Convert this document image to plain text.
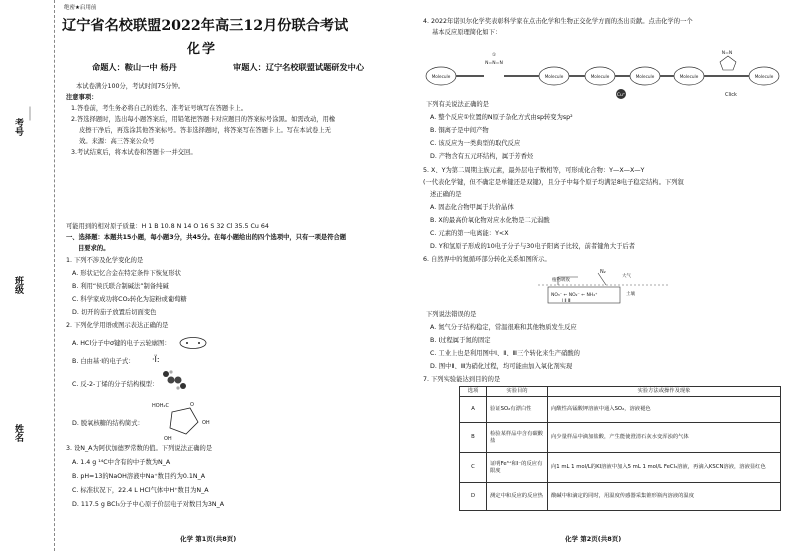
考号
班级
姓名
绝密★启用前
辽宁省名校联盟2022年高三12月份联合考试
化学
命题人：鞍山一中 杨丹	审题人：辽宁名校联盟试题研发中心
本试卷满分100分，考试时间75分钟。
注意事项：
1.答卷前，考生务必将自己的姓名、准考证号填写在答题卡上。
2.答选择题时，选出每小题答案后，用铅笔把答题卡对应题目的答案标号涂黑。如需改动，用橡
皮擦干净后，再选涂其他答案标号。答非选择题时，将答案写在答题卡上。写在本试卷上无
效。来源：高三答案公众号
3.考试结束后，将本试卷和答题卡一并交回。
可能用到的相对原子质量：H 1 B 10.8 N 14 O 16 S 32 Cl 35.5 Cu 64
一、选择题：本题共15小题，每小题3分，共45分。在每小题给出的四个选项中，只有一项是符合题
目要求的。
1. 下列不涉及化学变化的是
A. 形状记忆合金在特定条件下恢复形状
B. 利用“侯氏联合制碱法”制备纯碱
C. 科学家成功将CO₂转化为淀粉或葡萄糖
D. 切开的茄子放置后切面变色
2. 下列化学用语或图示表达正确的是
A. HCl分子中σ键的电子云轮廓图：
B. 白由基·I的电子式： ·Ï:
C. 反-2-丁烯的分子结构模型：
D. 脱氧核糖的结构简式：
HOH₂C	O
OH
OH
3. 设N_A为阿伏加德罗常数的值。下列说法正确的是
A. 1.4 g ¹⁴C中含有的中子数为N_A
B. pH=13的NaOH溶液中Na⁺数目约为0.1N_A
C. 标准状况下，22.4 L HCl气体中H⁺数目为N_A
D. 117.5 g BCl₃分子中心原子价层电子对数目为3N_A
化学 第1页(共8页)
4. 2022年诺贝尔化学奖表彰科学家在点击化学和生物正交化学方面的杰出贡献。点击化学的一个
基本反应原理简化如下：
①
N=N=N
N=N
Cu⁺
Molecule	Molecule	Molecule	Molecule	Molecule	Molecule
Click
下列有关说法正确的是
A. 整个反应①位置的N原子杂化方式由sp转变为sp²
B. 铜离子是中间产物
C. 该反应为一类典型的取代反应
D. 产物含有五元环结构，属于芳香烃
5. X、Y为第二周期主族元素，最外层电子数相等，可形成化合物：Y—X—X—Y
(一代表化学键，但不确定是单键还是双键)，且分子中每个原子均满足8电子稳定结构。下列叙
述正确的是
A. 固态化合物甲属于共价晶体
B. X的最高价氧化物对应水化物是二元弱酸
C. 元素的第一电离能：Y<X
D. Y和氢原子形成的10电子分子与30电子阳离子比较，前者键角大于后者
6. 自然界中的氮循环部分转化关系如图所示。
N₂
大气
植物吸收
NO₃⁻ ← NO₂⁻ ← NH₄⁺
Ⅰ Ⅱ Ⅲ
土壤
下列说法错误的是
A. 氮气分子结构稳定，常温很难和其他物质发生反应
B. Ⅰ过程属于氮的固定
C. 工业上也是利用图中Ⅰ、Ⅱ、Ⅲ三个转化来生产硝酸的
D. 图中Ⅱ、Ⅲ为硝化过程，均可能由加入氧化剂实现
7. 下列实验能达到目的的是
选项	实验目的	实验方法或操作及现象
A	验证SO₂有漂白性	向酸性高锰酸钾溶液中通入SO₂，溶液褪色
B	检验某样品中含有碳酸盐	向少量样品中滴加盐酸，产生能使澄清石灰水变浑浊的气体
C	证明Fe³⁺和I⁻的反应有限度	向1 mL 1 mol/L的KI溶液中加入5 mL 1 mol/L FeCl₃溶液，再滴入KSCN溶液，溶液显红色
D	测定中和反应的反应热	酸碱中和滴定的同时，用温度传感器采集锥形瓶内溶液的温度
化学 第2页(共8页)
